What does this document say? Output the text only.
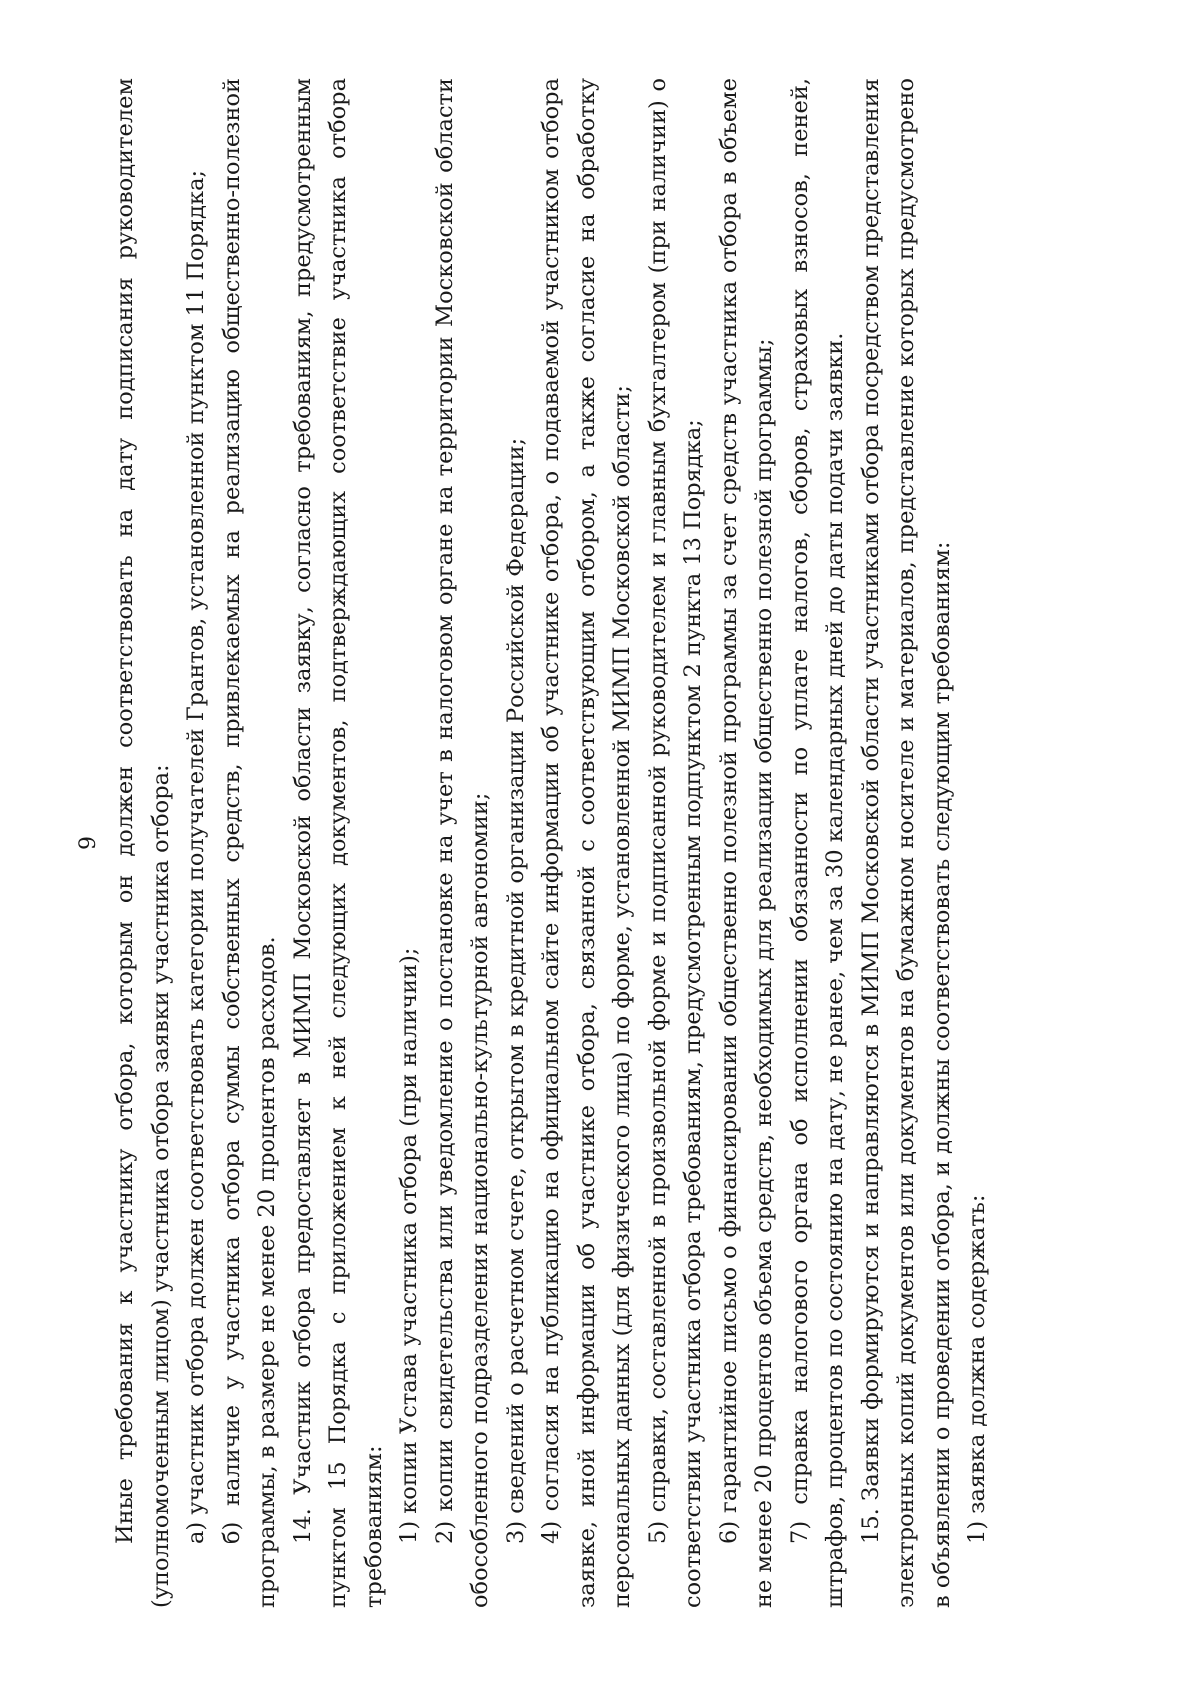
9 Иные требования к участнику отбора, которым он должен соответствовать на дату подписания руководителем (уполномоченным лицом) участника отбора заявки участника отбора: а) участник отбора должен соответствовать категории получателей Грантов, установленной пунктом 11 Порядка; б) наличие у участника отбора суммы собственных средств, привлекаемых на реализацию общественно-полезной программы, в размере не менее 20 процентов расходов. 14. Участник отбора предоставляет в МИМП Московской области заявку, согласно требованиям, предусмотренным пунктом 15 Порядка с приложением к ней следующих документов, подтверждающих соответствие участника отбора требованиям: 1) копии Устава участника отбора (при наличии); 2) копии свидетельства или уведомление о постановке на учет в налоговом органе на территории Московской области обособленного подразделения национально-культурной автономии; 3) сведений о расчетном счете, открытом в кредитной организации Российской Федерации; 4) согласия на публикацию на официальном сайте информации об участнике отбора, о подаваемой участником отбора заявке, иной информации об участнике отбора, связанной с соответствующим отбором, а также согласие на обработку персональных данных (для физического лица) по форме, установленной МИМП Московской области; 5) справки, составленной в произвольной форме и подписанной руководителем и главным бухгалтером (при наличии) о соответствии участника отбора требованиям, предусмотренным подпунктом 2 пункта 13 Порядка; 6) гарантийное письмо о финансировании общественно полезной программы за счет средств участника отбора в объеме не менее 20 процентов объема средств, необходимых для реализации общественно полезной программы; 7) справка налогового органа об исполнении обязанности по уплате налогов, сборов, страховых взносов, пеней, штрафов, процентов по состоянию на дату, не ранее, чем за 30 календарных дней до даты подачи заявки. 15. Заявки формируются и направляются в МИМП Московской области участниками отбора посредством представления электронных копий документов или документов на бумажном носителе и материалов, представление которых предусмотрено в объявлении о проведении отбора, и должны соответствовать следующим требованиям: 1) заявка должна содержать:
